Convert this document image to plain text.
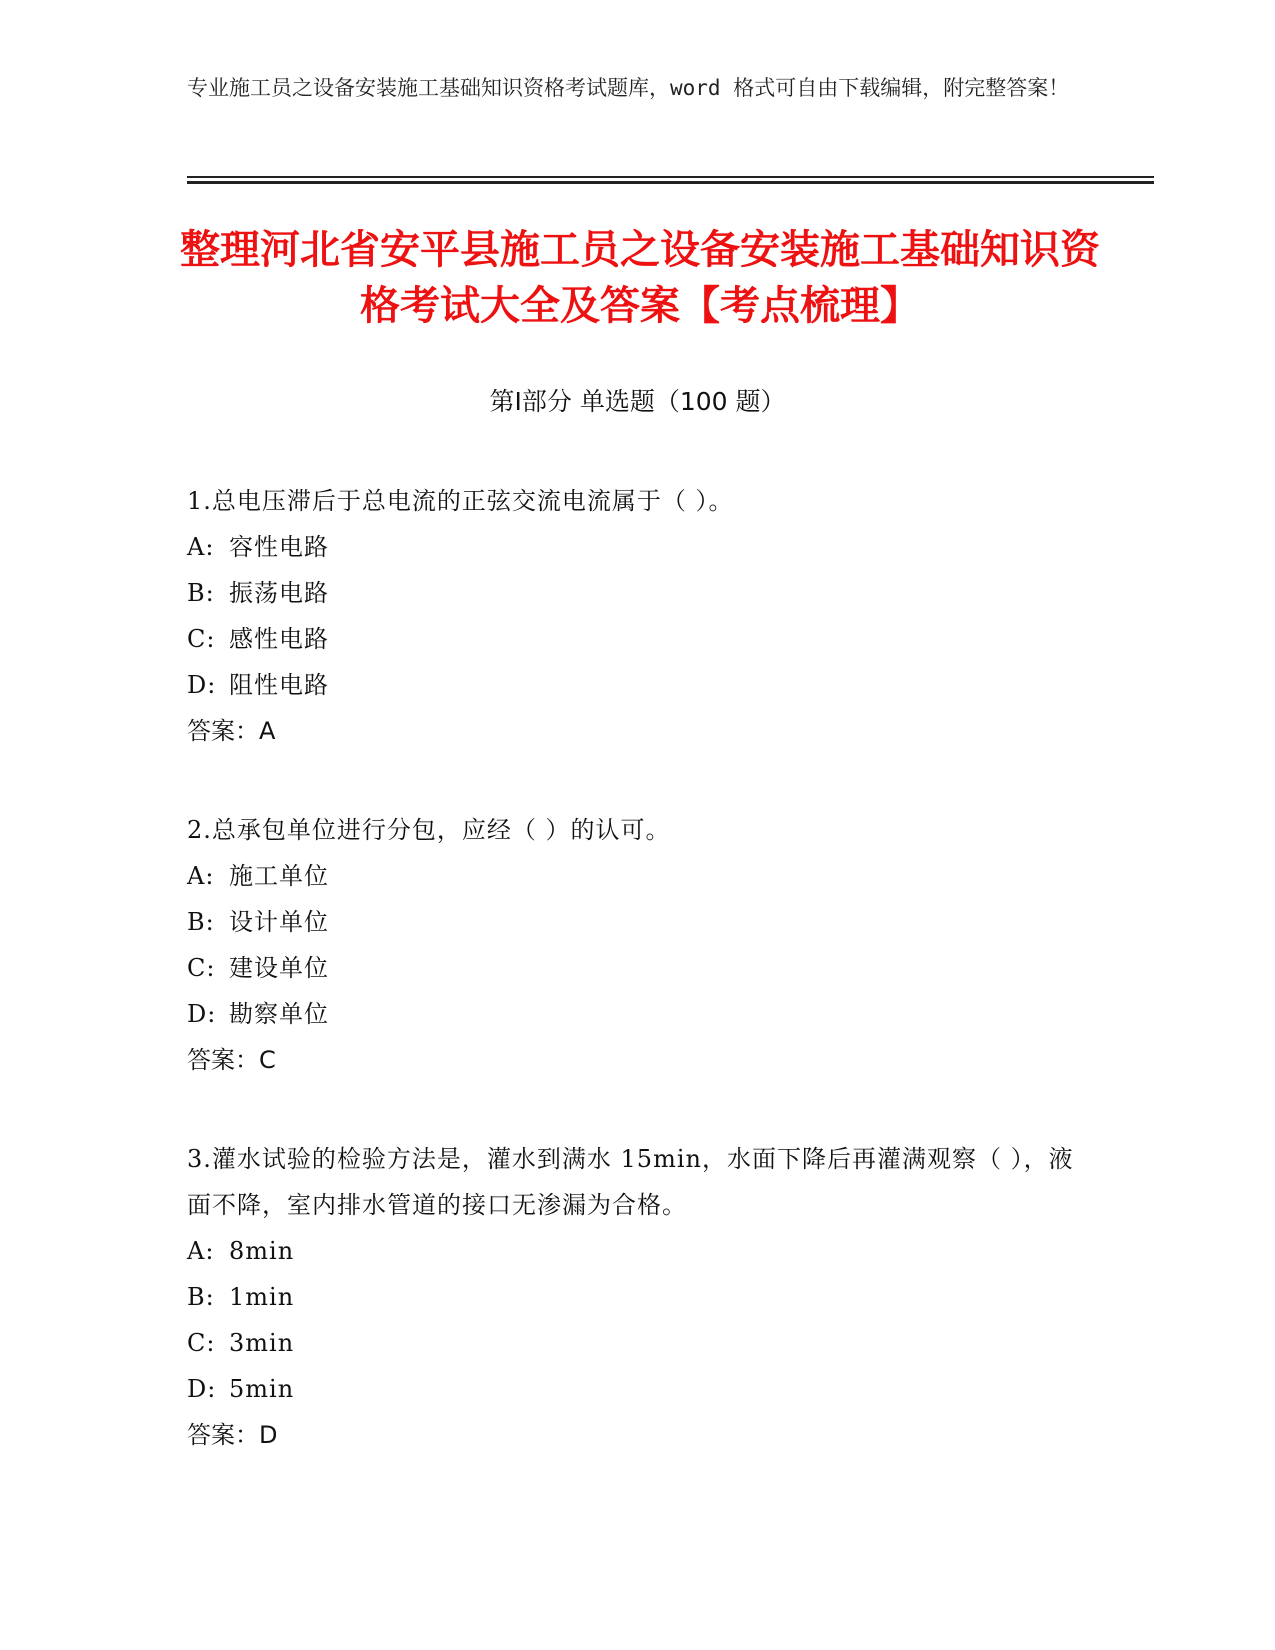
专业施工员之设备安装施工基础知识资格考试题库，word 格式可自由下载编辑，附完整答案！
整理河北省安平县施工员之设备安装施工基础知识资格考试大全及答案【考点梳理】
第Ⅰ部分 单选题（100 题）
1.总电压滞后于总电流的正弦交流电流属于（ ）。
A: 容性电路
B: 振荡电路
C: 感性电路
D: 阻性电路
答案：A
2.总承包单位进行分包，应经（ ）的认可。
A: 施工单位
B: 设计单位
C: 建设单位
D: 勘察单位
答案：C
3.灌水试验的检验方法是，灌水到满水 15min，水面下降后再灌满观察（ ），液面不降，室内排水管道的接口无渗漏为合格。
A: 8min
B: 1min
C: 3min
D: 5min
答案：D
